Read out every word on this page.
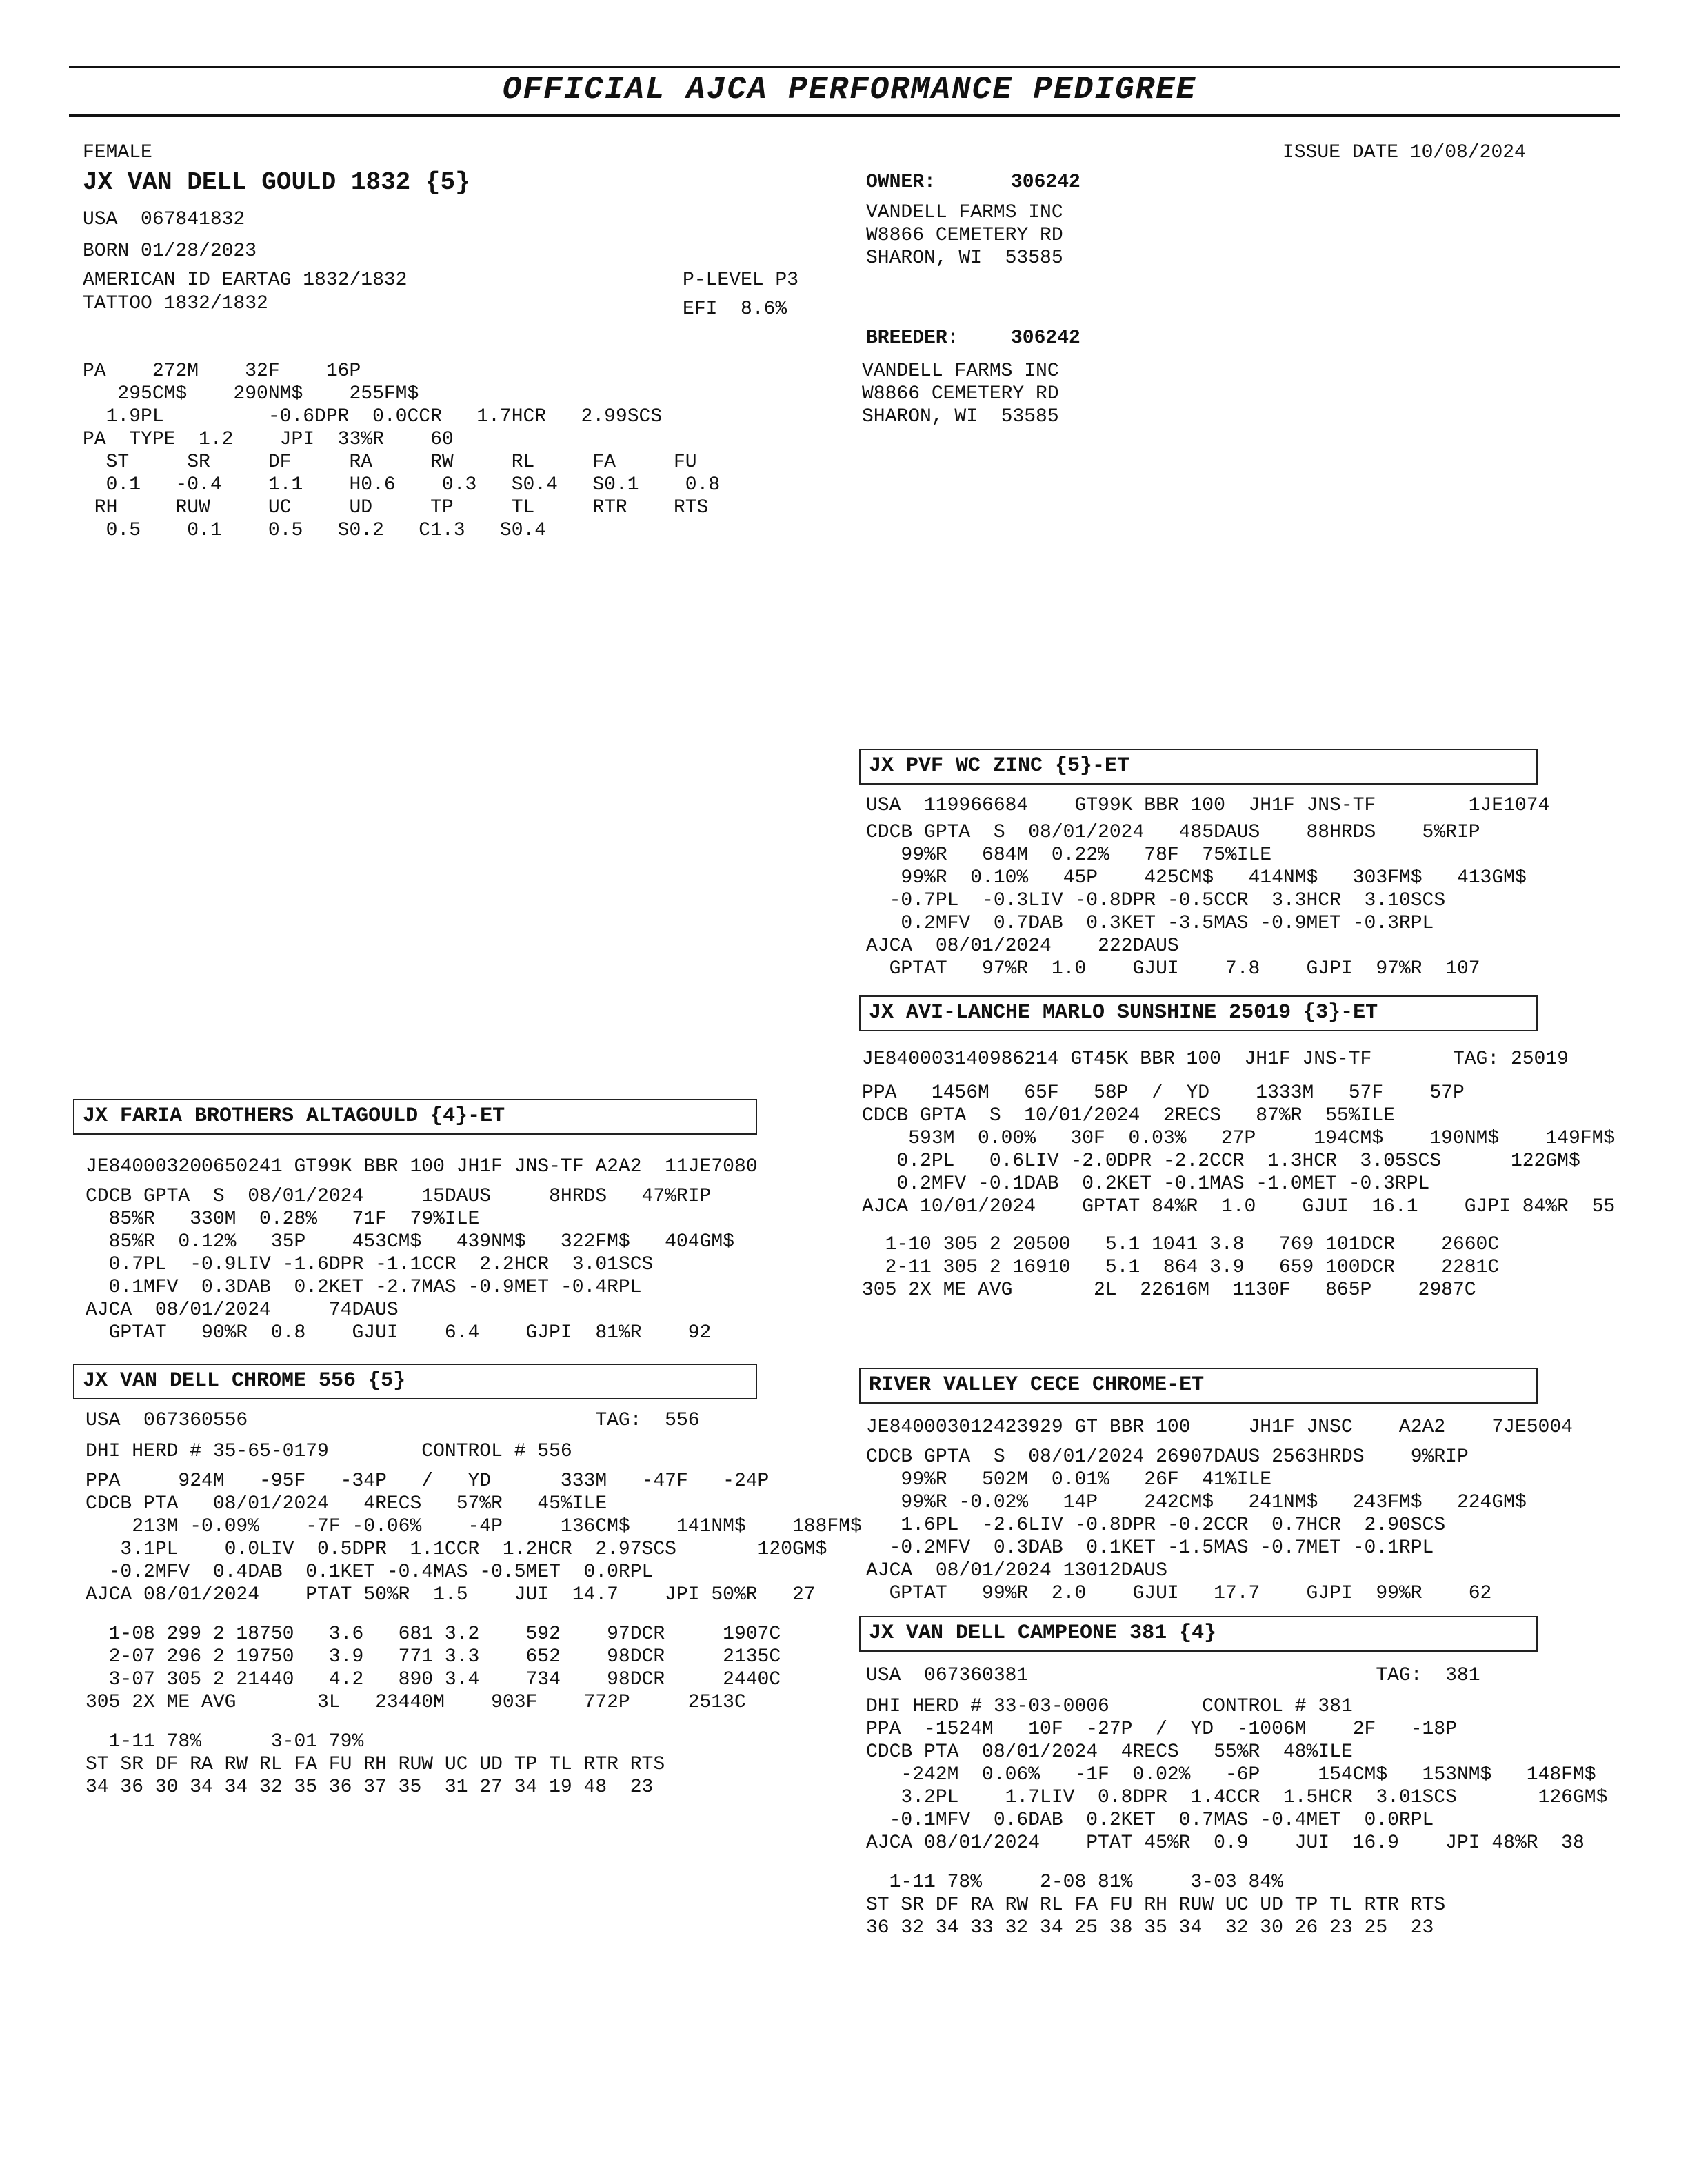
OFFICIAL AJCA PERFORMANCE PEDIGREE
FEMALE	ISSUE DATE 10/08/2024
JX VAN DELL GOULD 1832 {5}
USA  067841832
BORN 01/28/2023
AMERICAN ID EARTAG 1832/1832
TATTOO 1832/1832
P-LEVEL P3
EFI  8.6%
OWNER:	306242
VANDELL FARMS INC
W8866 CEMETERY RD
SHARON, WI  53585
BREEDER:	306242
VANDELL FARMS INC
W8866 CEMETERY RD
SHARON, WI  53585
PA    272M    32F    16P
295CM$    290NM$    255FM$
1.9PL         -0.6DPR  0.0CCR   1.7HCR   2.99SCS
PA  TYPE  1.2    JPI  33%R    60
ST     SR     DF     RA     RW     RL     FA     FU
0.1   -0.4    1.1    H0.6    0.3   S0.4   S0.1    0.8
RH     RUW     UC     UD     TP     TL     RTR    RTS
0.5    0.1    0.5   S0.2   C1.3   S0.4
JX PVF WC ZINC {5}-ET
USA  119966684    GT99K BBR 100  JH1F JNS-TF        1JE1074
CDCB GPTA  S  08/01/2024   485DAUS    88HRDS    5%RIP
99%R   684M  0.22%   78F  75%ILE
99%R  0.10%   45P    425CM$   414NM$   303FM$   413GM$
-0.7PL  -0.3LIV -0.8DPR -0.5CCR  3.3HCR  3.10SCS
0.2MFV  0.7DAB  0.3KET -3.5MAS -0.9MET -0.3RPL
AJCA  08/01/2024    222DAUS
GPTAT   97%R  1.0    GJUI    7.8    GJPI  97%R  107
JX AVI-LANCHE MARLO SUNSHINE 25019 {3}-ET
JE840003140986214 GT45K BBR 100  JH1F JNS-TF       TAG: 25019
PPA   1456M   65F   58P  /  YD    1333M   57F    57P
CDCB GPTA  S  10/01/2024  2RECS   87%R  55%ILE
593M  0.00%   30F  0.03%   27P     194CM$    190NM$    149FM$
0.2PL   0.6LIV -2.0DPR -2.2CCR  1.3HCR  3.05SCS      122GM$
0.2MFV -0.1DAB  0.2KET -0.1MAS -1.0MET -0.3RPL
AJCA 10/01/2024    GPTAT 84%R  1.0    GJUI  16.1    GJPI 84%R  55
1-10 305 2 20500   5.1 1041 3.8   769 101DCR    2660C
2-11 305 2 16910   5.1  864 3.9   659 100DCR    2281C
305 2X ME AVG       2L  22616M  1130F   865P    2987C
JX FARIA BROTHERS ALTAGOULD {4}-ET
JE840003200650241 GT99K BBR 100 JH1F JNS-TF A2A2  11JE7080
CDCB GPTA  S  08/01/2024     15DAUS     8HRDS   47%RIP
85%R   330M  0.28%   71F  79%ILE
85%R  0.12%   35P    453CM$   439NM$   322FM$   404GM$
0.7PL  -0.9LIV -1.6DPR -1.1CCR  2.2HCR  3.01SCS
0.1MFV  0.3DAB  0.2KET -2.7MAS -0.9MET -0.4RPL
AJCA  08/01/2024     74DAUS
GPTAT   90%R  0.8    GJUI    6.4    GJPI  81%R    92
RIVER VALLEY CECE CHROME-ET
JE840003012423929 GT BBR 100     JH1F JNSC    A2A2    7JE5004
CDCB GPTA  S  08/01/2024 26907DAUS 2563HRDS    9%RIP
99%R   502M  0.01%   26F  41%ILE
99%R -0.02%   14P    242CM$   241NM$   243FM$   224GM$
1.6PL  -2.6LIV -0.8DPR -0.2CCR  0.7HCR  2.90SCS
-0.2MFV  0.3DAB  0.1KET -1.5MAS -0.7MET -0.1RPL
AJCA  08/01/2024 13012DAUS
GPTAT   99%R  2.0    GJUI   17.7    GJPI  99%R    62
JX VAN DELL CHROME 556 {5}
USA  067360556                              TAG:  556
DHI HERD # 35-65-0179        CONTROL # 556
PPA     924M   -95F   -34P   /   YD      333M   -47F   -24P
CDCB PTA   08/01/2024   4RECS   57%R   45%ILE
213M -0.09%    -7F -0.06%    -4P     136CM$    141NM$    188FM$
3.1PL    0.0LIV  0.5DPR  1.1CCR  1.2HCR  2.97SCS       120GM$
-0.2MFV  0.4DAB  0.1KET -0.4MAS -0.5MET  0.0RPL
AJCA 08/01/2024    PTAT 50%R  1.5    JUI  14.7    JPI 50%R   27
1-08 299 2 18750   3.6   681 3.2    592    97DCR     1907C
2-07 296 2 19750   3.9   771 3.3    652    98DCR     2135C
3-07 305 2 21440   4.2   890 3.4    734    98DCR     2440C
305 2X ME AVG       3L   23440M    903F    772P     2513C
1-11 78%      3-01 79%
ST SR DF RA RW RL FA FU RH RUW UC UD TP TL RTR RTS
34 36 30 34 34 32 35 36 37 35  31 27 34 19 48  23
JX VAN DELL CAMPEONE 381 {4}
USA  067360381                              TAG:  381
DHI HERD # 33-03-0006        CONTROL # 381
PPA  -1524M   10F  -27P  /  YD  -1006M    2F   -18P
CDCB PTA  08/01/2024  4RECS   55%R  48%ILE
-242M  0.06%   -1F  0.02%   -6P     154CM$   153NM$   148FM$
3.2PL    1.7LIV  0.8DPR  1.4CCR  1.5HCR  3.01SCS       126GM$
-0.1MFV  0.6DAB  0.2KET  0.7MAS -0.4MET  0.0RPL
AJCA 08/01/2024    PTAT 45%R  0.9    JUI  16.9    JPI 48%R  38
1-11 78%     2-08 81%     3-03 84%
ST SR DF RA RW RL FA FU RH RUW UC UD TP TL RTR RTS
36 32 34 33 32 34 25 38 35 34  32 30 26 23 25  23
